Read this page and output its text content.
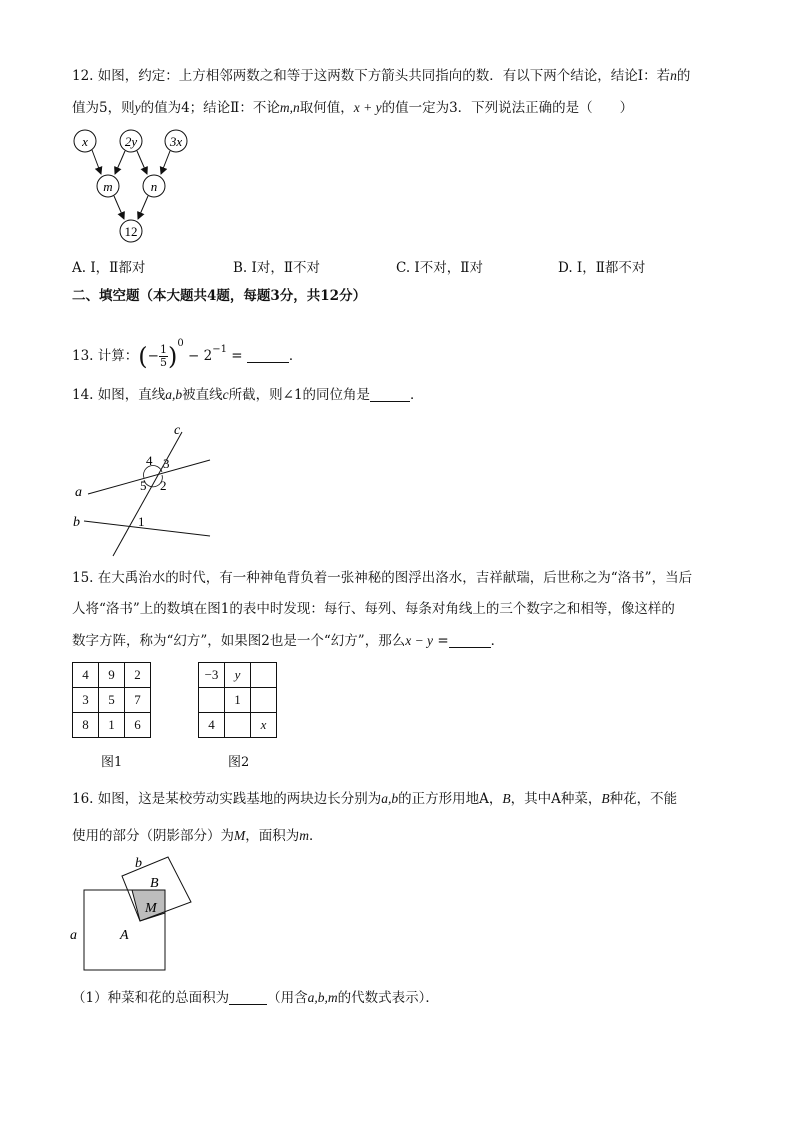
12. 如图，约定：上方相邻两数之和等于这两数下方箭头共同指向的数．有以下两个结论，结论Ⅰ：若n的
值为5，则y的值为4；结论Ⅱ：不论m,n取何值，x + y的值一定为3．下列说法正确的是（　　）
x	2y	3x
m	n
12
A. Ⅰ，Ⅱ都对	B. Ⅰ对，Ⅱ不对	C. Ⅰ不对，Ⅱ对	D. Ⅰ，Ⅱ都不对
二、填空题（本大题共4题，每题3分，共12分）
13. 计算：(− $\frac{1}{5} )^0 - 2^{-1}$ =	．
14. 如图，直线a,b被直线c所截，则∠1的同位角是	．
c
a
b	1
2
3
4
5
15. 在大禹治水的时代，有一种神龟背负着一张神秘的图浮出洛水，吉祥献瑞，后世称之为“洛书”，当后
人将“洛书”上的数填在图1的表中时发现：每行、每列、每条对角线上的三个数字之和相等，像这样的
数字方阵，称为“幻方”，如果图2也是一个“幻方”，那么x − y =	．
4	9	2
3	5	7
8	1	6
图1
−3	y	
	1	
4		x
图2
16. 如图，这是某校劳动实践基地的两块边长分别为a,b的正方形用地A，B，其中A种菜，B种花，不能
使用的部分（阴影部分）为M，面积为m．
b
B
M
A
a
（1）种菜和花的总面积为	（用含a,b,m的代数式表示）．
